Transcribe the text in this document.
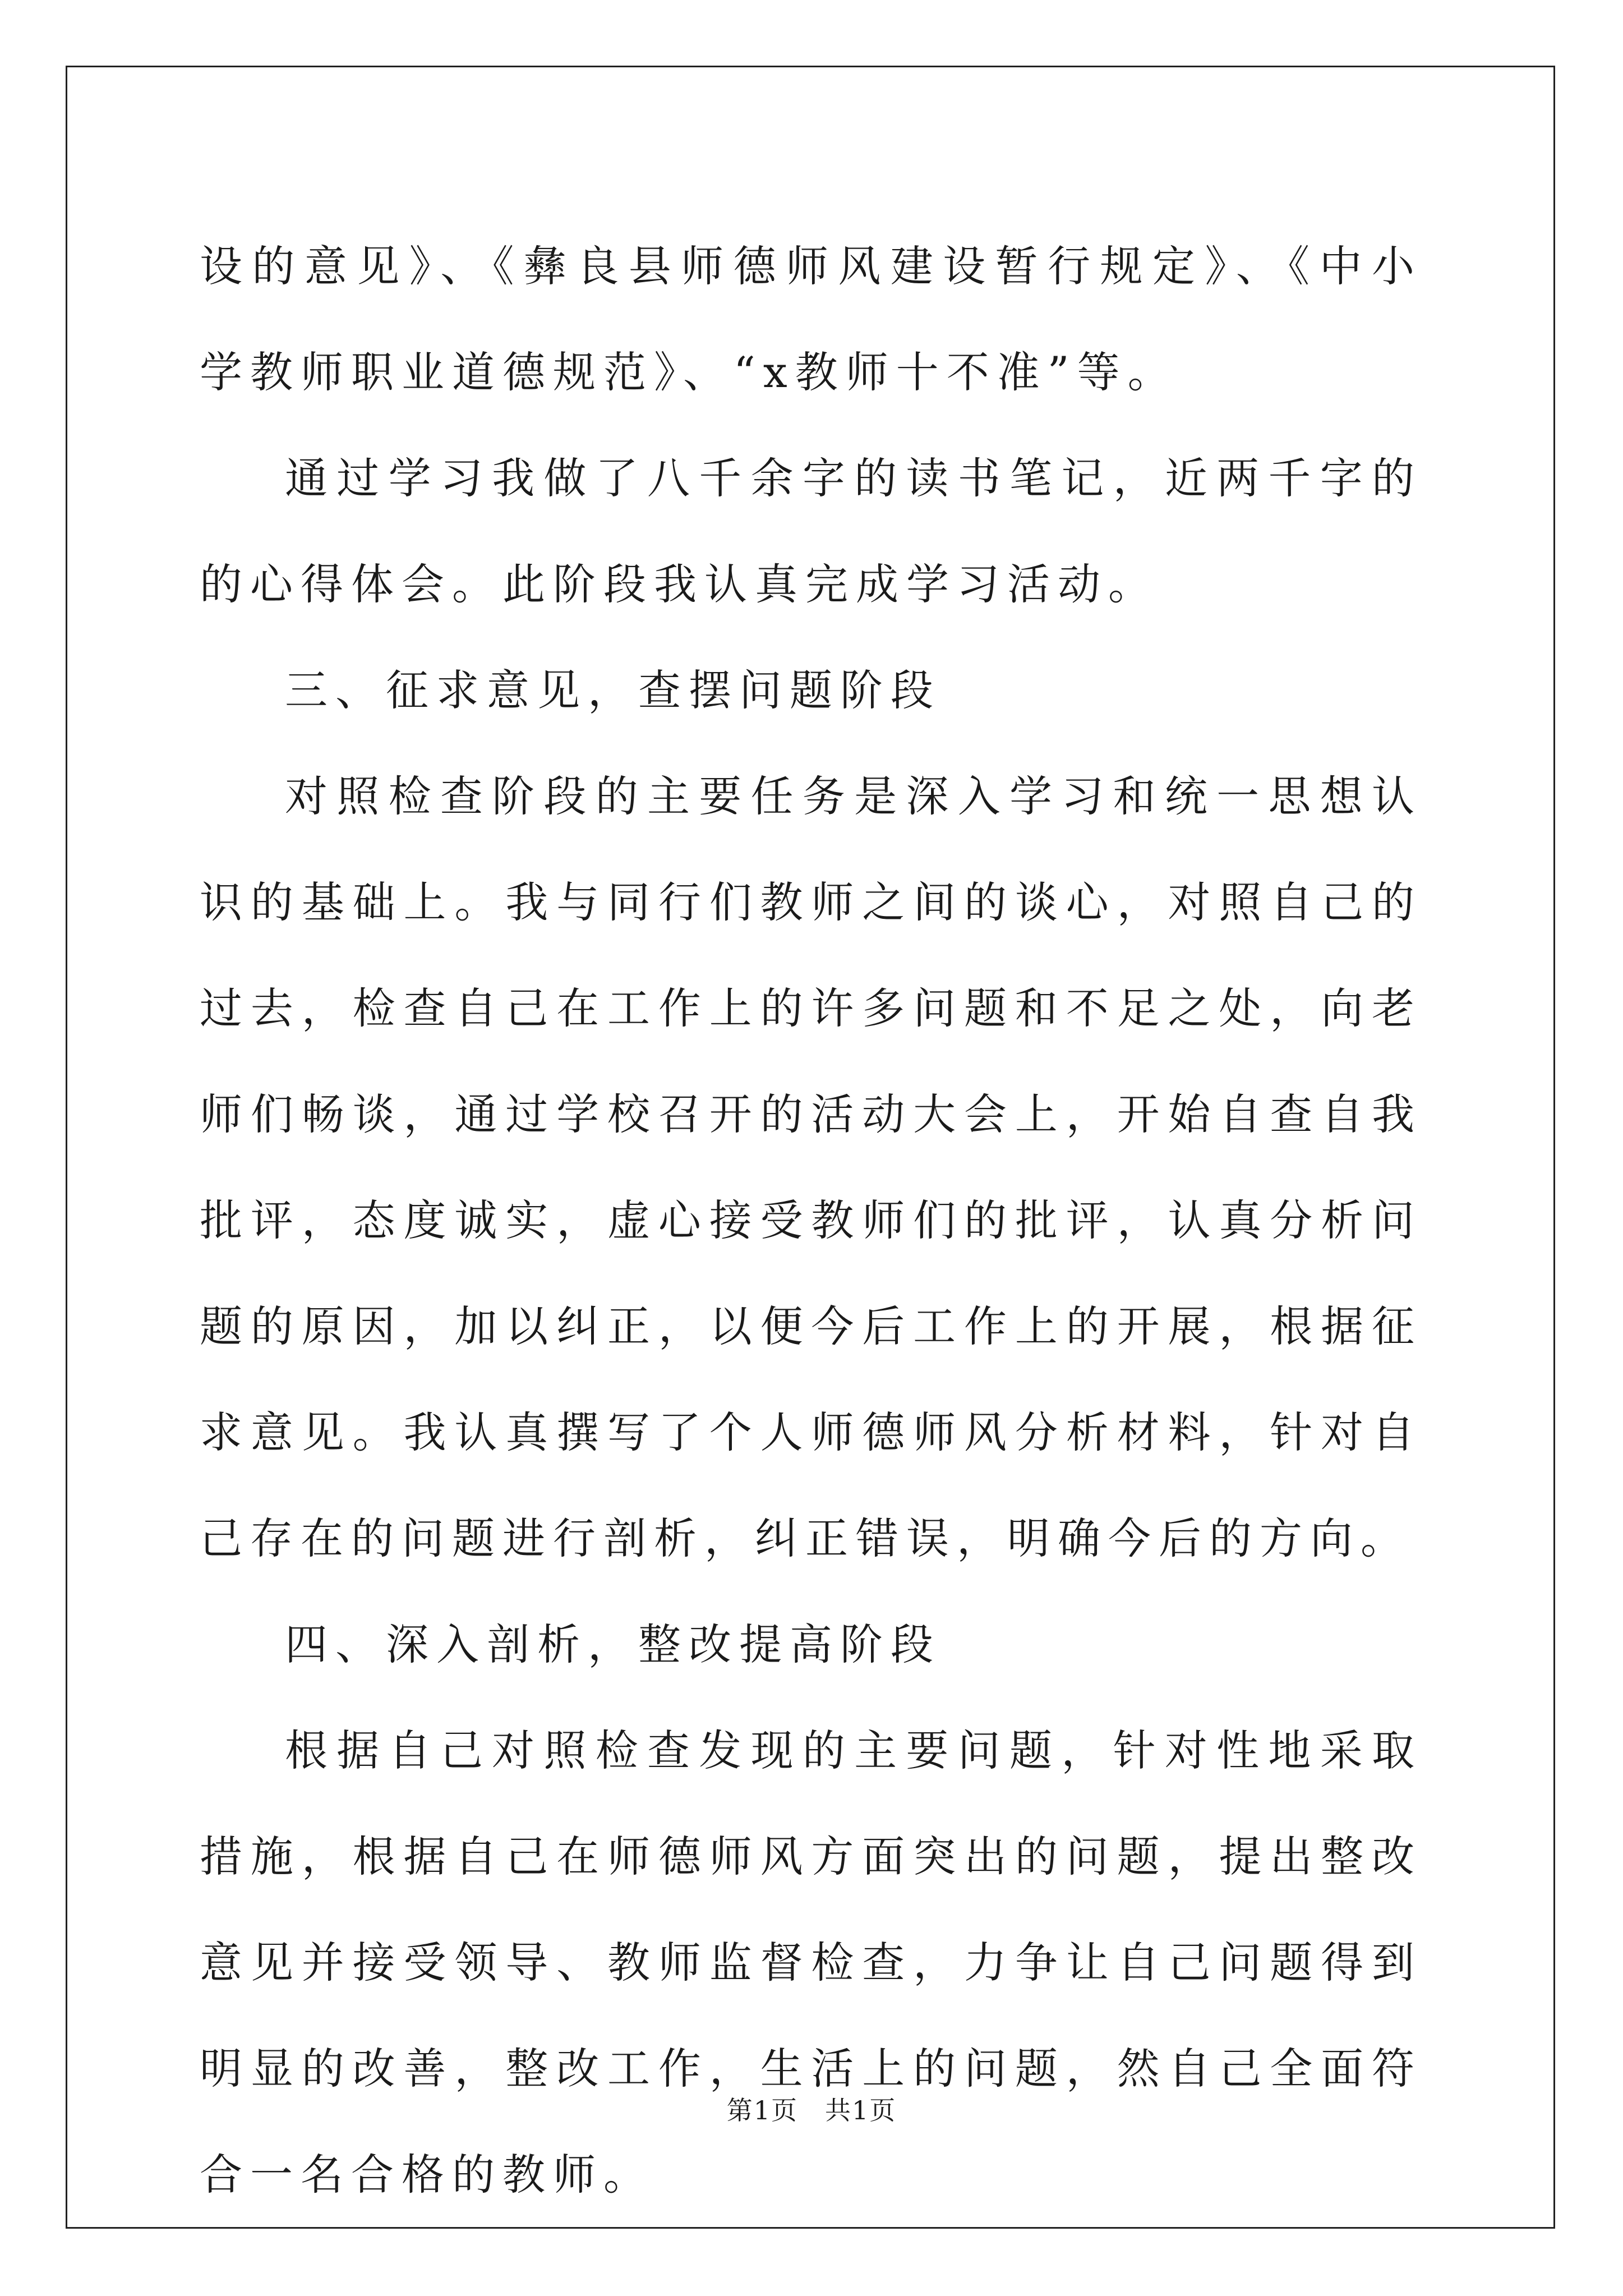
设的意见》、《彝良县师德师风建设暂行规定》、《中小学教师职业道德规范》、“x教师十不准”等。

通过学习我做了八千余字的读书笔记，近两千字的的心得体会。此阶段我认真完成学习活动。

三、征求意见，查摆问题阶段

对照检查阶段的主要任务是深入学习和统一思想认识的基础上。我与同行们教师之间的谈心，对照自己的过去，检查自己在工作上的许多问题和不足之处，向老师们畅谈，通过学校召开的活动大会上，开始自查自我批评，态度诚实，虚心接受教师们的批评，认真分析问题的原因，加以纠正，以便今后工作上的开展，根据征求意见。我认真撰写了个人师德师风分析材料，针对自己存在的问题进行剖析，纠正错误，明确今后的方向。

四、深入剖析，整改提高阶段

根据自己对照检查发现的主要问题，针对性地采取措施，根据自己在师德师风方面突出的问题，提出整改意见并接受领导、教师监督检查，力争让自己问题得到明显的改善，整改工作，生活上的问题，然自己全面符合一名合格的教师。

第1页 共1页
